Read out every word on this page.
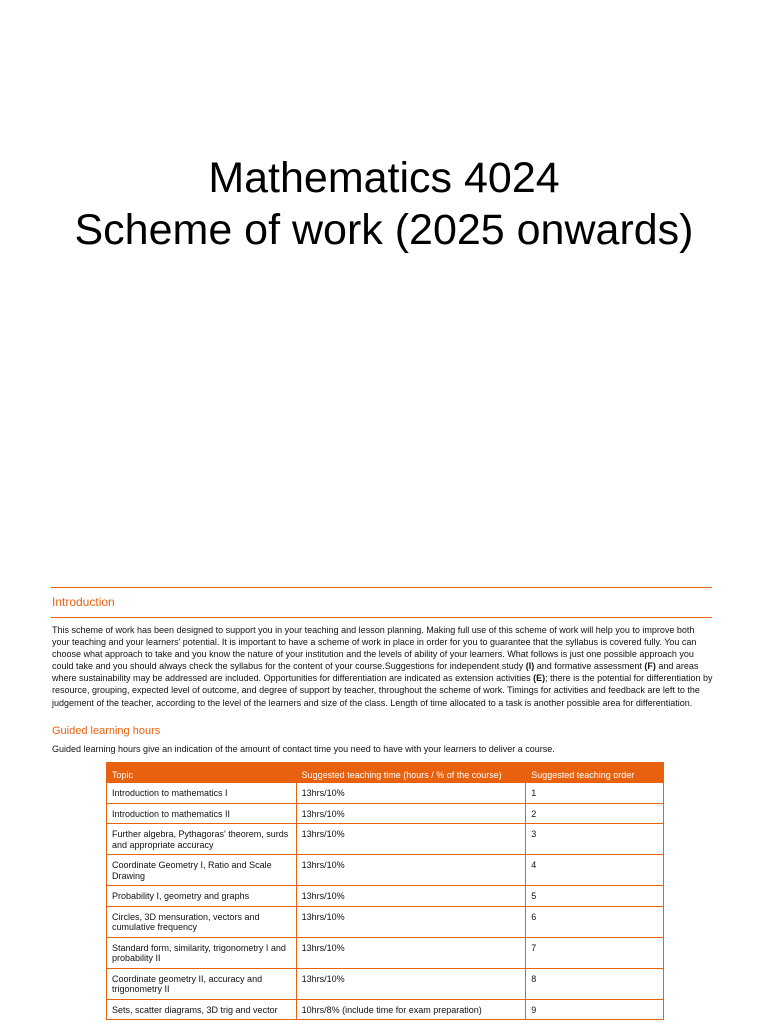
Mathematics 4024
Scheme of work (2025 onwards)
Introduction
This scheme of work has been designed to support you in your teaching and lesson planning. Making full use of this scheme of work will help you to improve both your teaching and your learners' potential. It is important to have a scheme of work in place in order for you to guarantee that the syllabus is covered fully. You can choose what approach to take and you know the nature of your institution and the levels of ability of your learners. What follows is just one possible approach you could take and you should always check the syllabus for the content of your course.Suggestions for independent study (I) and formative assessment (F) and areas where sustainability may be addressed are included. Opportunities for differentiation are indicated as extension activities (E); there is the potential for differentiation by resource, grouping, expected level of outcome, and degree of support by teacher, throughout the scheme of work. Timings for activities and feedback are left to the judgement of the teacher, according to the level of the learners and size of the class. Length of time allocated to a task is another possible area for differentiation.
Guided learning hours
Guided learning hours give an indication of the amount of contact time you need to have with your learners to deliver a course.
Topic	Suggested teaching time (hours / % of the course)	Suggested teaching order
Introduction to mathematics I	13hrs/10%	1
Introduction to mathematics II	13hrs/10%	2
Further algebra, Pythagoras' theorem, surds and appropriate accuracy	13hrs/10%	3
Coordinate Geometry I, Ratio and Scale Drawing	13hrs/10%	4
Probability I, geometry and graphs	13hrs/10%	5
Circles, 3D mensuration, vectors and cumulative frequency	13hrs/10%	6
Standard form, similarity, trigonometry I and probability II	13hrs/10%	7
Coordinate geometry II, accuracy and trigonometry II	13hrs/10%	8
Sets, scatter diagrams, 3D trig and vector	10hrs/8% (include time for exam preparation)	9
